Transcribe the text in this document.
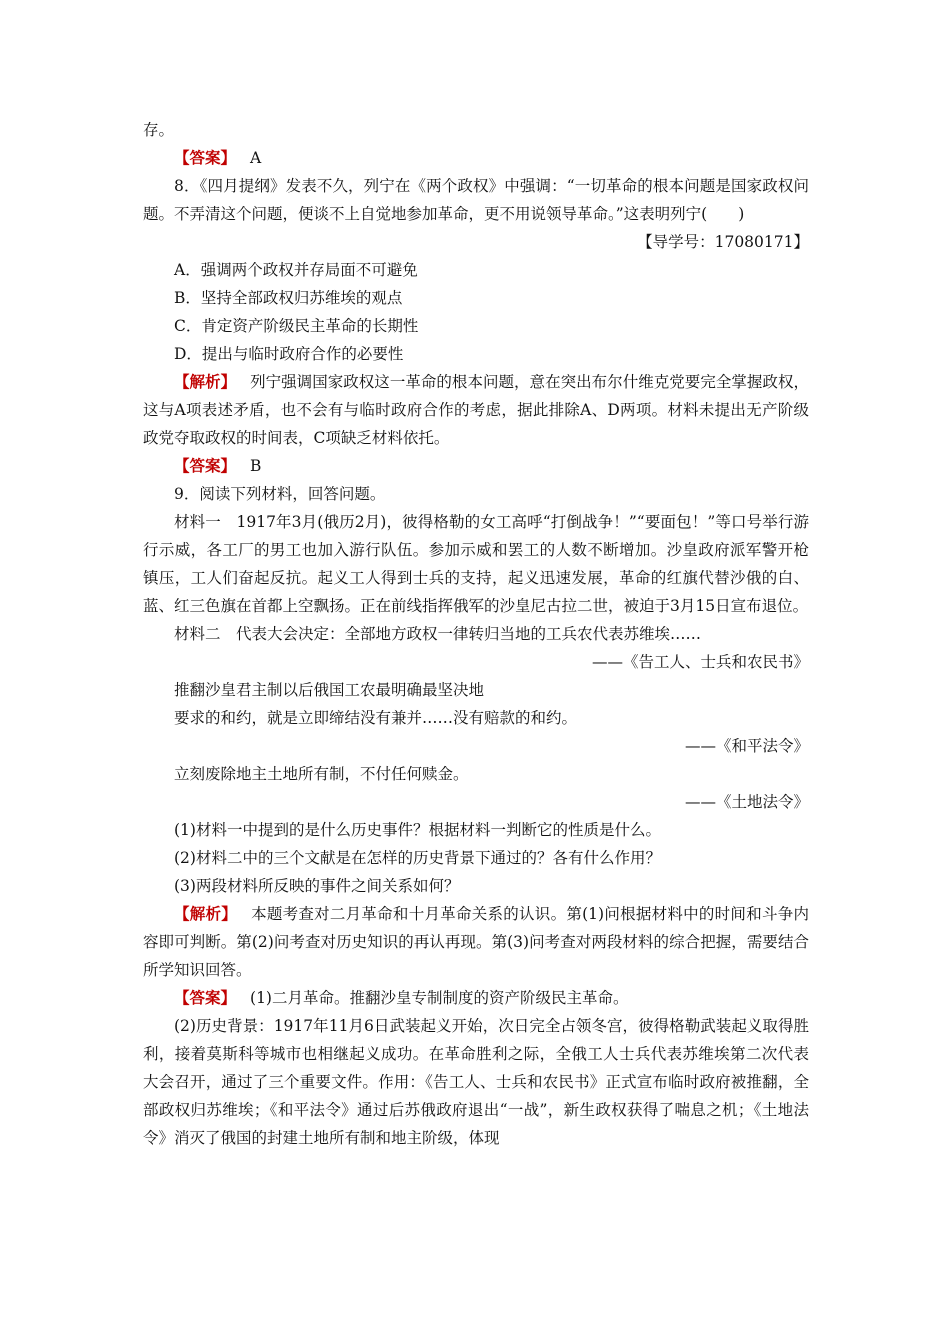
存。

【答案】 A

8．《四月提纲》发表不久，列宁在《两个政权》中强调：“一切革命的根本问题是国家政权问题。不弄清这个问题，便谈不上自觉地参加革命，更不用说领导革命。”这表明列宁(　　)

【导学号：17080171】

A．强调两个政权并存局面不可避免

B．坚持全部政权归苏维埃的观点

C．肯定资产阶级民主革命的长期性

D．提出与临时政府合作的必要性

【解析】 列宁强调国家政权这一革命的根本问题，意在突出布尔什维克党要完全掌握政权，这与A项表述矛盾，也不会有与临时政府合作的考虑，据此排除A、D两项。材料未提出无产阶级政党夺取政权的时间表，C项缺乏材料依托。

【答案】 B

9．阅读下列材料，回答问题。

材料一　1917年3月(俄历2月)，彼得格勒的女工高呼“打倒战争！”“要面包！”等口号举行游行示威，各工厂的男工也加入游行队伍。参加示威和罢工的人数不断增加。沙皇政府派军警开枪镇压，工人们奋起反抗。起义工人得到士兵的支持，起义迅速发展，革命的红旗代替沙俄的白、蓝、红三色旗在首都上空飘扬。正在前线指挥俄军的沙皇尼古拉二世，被迫于3月15日宣布退位。

材料二　代表大会决定：全部地方政权一律转归当地的工兵农代表苏维埃……

——《告工人、士兵和农民书》

推翻沙皇君主制以后俄国工农最明确最坚决地

要求的和约，就是立即缔结没有兼并……没有赔款的和约。

——《和平法令》

立刻废除地主土地所有制，不付任何赎金。

——《土地法令》

(1)材料一中提到的是什么历史事件？根据材料一判断它的性质是什么。

(2)材料二中的三个文献是在怎样的历史背景下通过的？各有什么作用？

(3)两段材料所反映的事件之间关系如何？

【解析】 本题考查对二月革命和十月革命关系的认识。第(1)问根据材料中的时间和斗争内容即可判断。第(2)问考查对历史知识的再认再现。第(3)问考查对两段材料的综合把握，需要结合所学知识回答。

【答案】 (1)二月革命。推翻沙皇专制制度的资产阶级民主革命。

(2)历史背景：1917年11月6日武装起义开始，次日完全占领冬宫，彼得格勒武装起义取得胜利，接着莫斯科等城市也相继起义成功。在革命胜利之际，全俄工人士兵代表苏维埃第二次代表大会召开，通过了三个重要文件。作用：《告工人、士兵和农民书》正式宣布临时政府被推翻，全部政权归苏维埃；《和平法令》通过后苏俄政府退出“一战”，新生政权获得了喘息之机；《土地法令》消灭了俄国的封建土地所有制和地主阶级，体现
